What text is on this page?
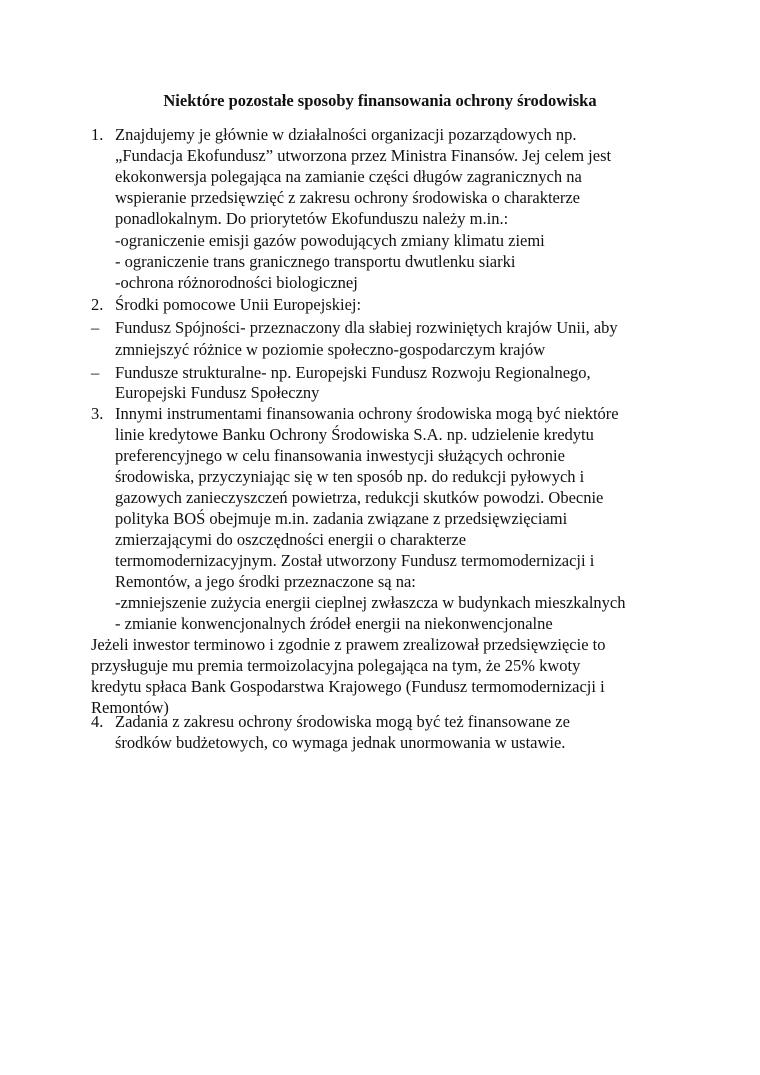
Niektóre pozostałe sposoby finansowania ochrony środowiska
1.
2.
–
–
3.
4.

Znajdujemy je głównie w działalności organizacji pozarządowych np.

„Fundacja Ekofundusz” utworzona przez Ministra Finansów. Jej celem jest

ekokonwersja polegająca na zamianie części długów zagranicznych na

wspieranie przedsięwzięć z zakresu ochrony środowiska o charakterze

ponadlokalnym. Do priorytetów Ekofunduszu należy m.in.:

-ograniczenie emisji gazów powodujących zmiany klimatu ziemi

- ograniczenie trans granicznego transportu dwutlenku siarki

-ochrona różnorodności biologicznej

Środki pomocowe Unii Europejskiej:

Fundusz Spójności- przeznaczony dla słabiej rozwiniętych krajów Unii, aby

zmniejszyć różnice w poziomie społeczno-gospodarczym krajów

Fundusze strukturalne- np. Europejski Fundusz Rozwoju Regionalnego,

Europejski Fundusz Społeczny

Innymi instrumentami finansowania ochrony środowiska mogą być niektóre

linie kredytowe Banku Ochrony Środowiska S.A. np. udzielenie kredytu

preferencyjnego w celu finansowania inwestycji służących ochronie

środowiska, przyczyniając się w ten sposób np. do redukcji pyłowych i

gazowych zanieczyszczeń powietrza, redukcji skutków powodzi. Obecnie

polityka BOŚ obejmuje m.in. zadania związane z przedsięwzięciami

zmierzającymi do oszczędności energii o charakterze

termomodernizacyjnym. Został utworzony Fundusz termomodernizacji i

Remontów, a jego środki przeznaczone są na:

-zmniejszenie zużycia energii cieplnej zwłaszcza w budynkach mieszkalnych

- zmianie konwencjonalnych źródeł energii na niekonwencjonalne

Jeżeli inwestor terminowo i zgodnie z prawem zrealizował przedsięwzięcie to

przysługuje mu premia termoizolacyjna polegająca na tym, że 25% kwoty

kredytu spłaca Bank Gospodarstwa Krajowego (Fundusz termomodernizacji i

Remontów)

Zadania z zakresu ochrony środowiska mogą być też finansowane ze

środków budżetowych, co wymaga jednak unormowania w ustawie.
